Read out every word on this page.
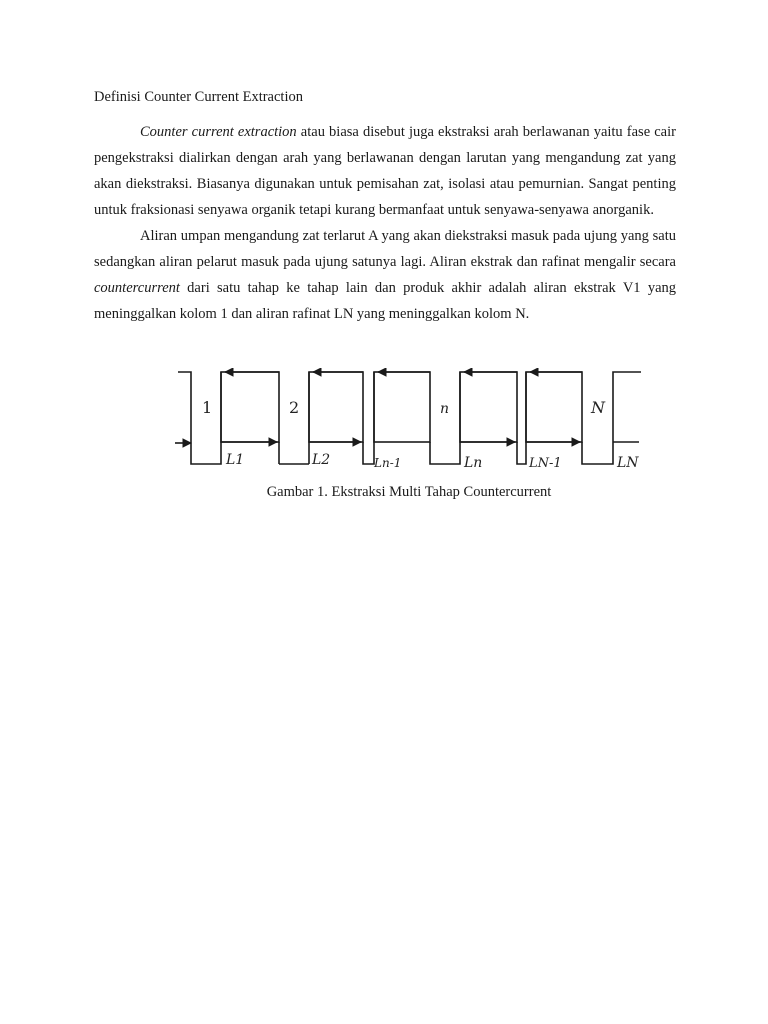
Definisi Counter Current Extraction

Counter current extraction atau biasa disebut juga ekstraksi arah berlawanan yaitu fase cair pengekstraksi dialirkan dengan arah yang berlawanan dengan larutan yang mengandung zat yang akan diekstraksi. Biasanya digunakan untuk pemisahan zat, isolasi atau pemurnian. Sangat penting untuk fraksionasi senyawa organik tetapi kurang bermanfaat untuk senyawa-senyawa anorganik.

Aliran umpan mengandung zat terlarut A yang akan diekstraksi masuk pada ujung yang satu sedangkan aliran pelarut masuk pada ujung satunya lagi. Aliran ekstrak dan rafinat mengalir secara countercurrent dari satu tahap ke tahap lain dan produk akhir adalah aliran ekstrak V1 yang meninggalkan kolom 1 dan aliran rafinat LN yang meninggalkan kolom N.

1	2	n	N
L1	L2	Ln-1	Ln	LN-1	LN
Gambar 1. Ekstraksi Multi Tahap Countercurrent
